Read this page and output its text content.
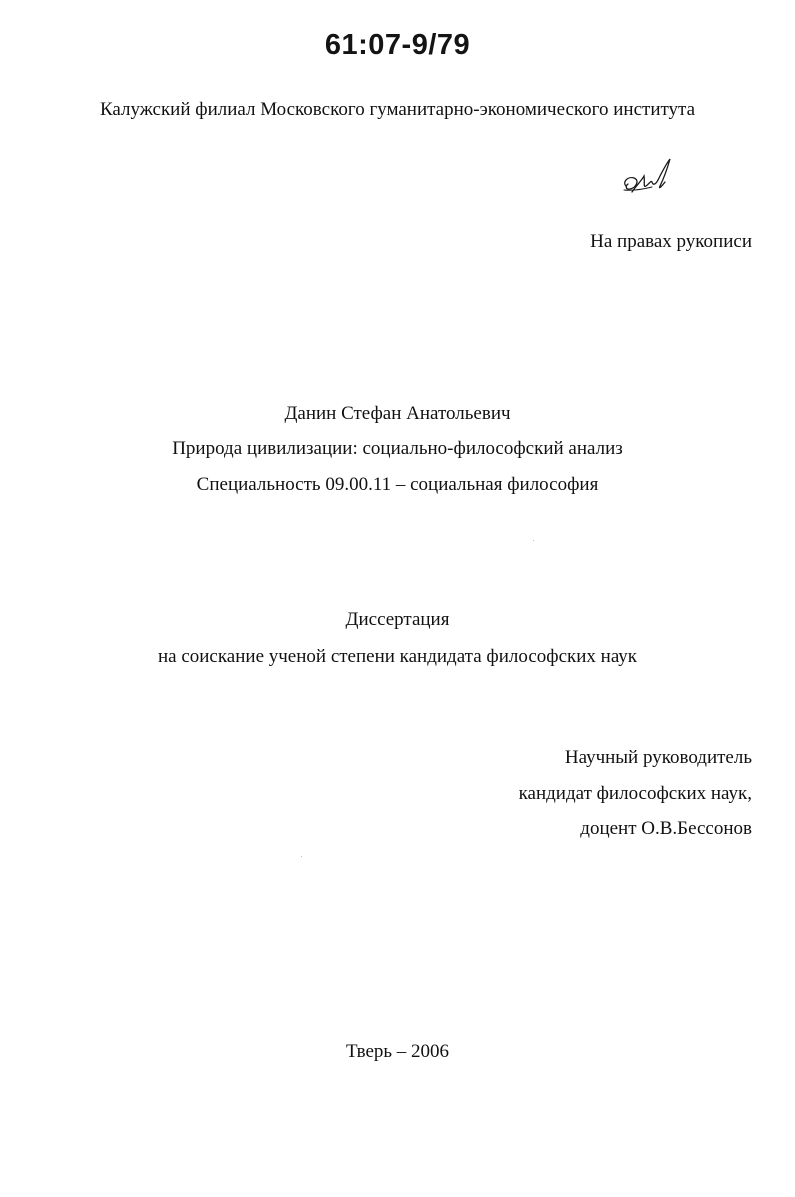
61:07-9/79
Калужский филиал Московского гуманитарно-экономического института
На правах рукописи
Данин Стефан Анатольевич
Природа цивилизации: социально-философский анализ
Специальность 09.00.11 – социальная философия
Диссертация
на соискание ученой степени кандидата философских наук
Научный руководитель
кандидат философских наук,
доцент О.В.Бессонов
Тверь – 2006
